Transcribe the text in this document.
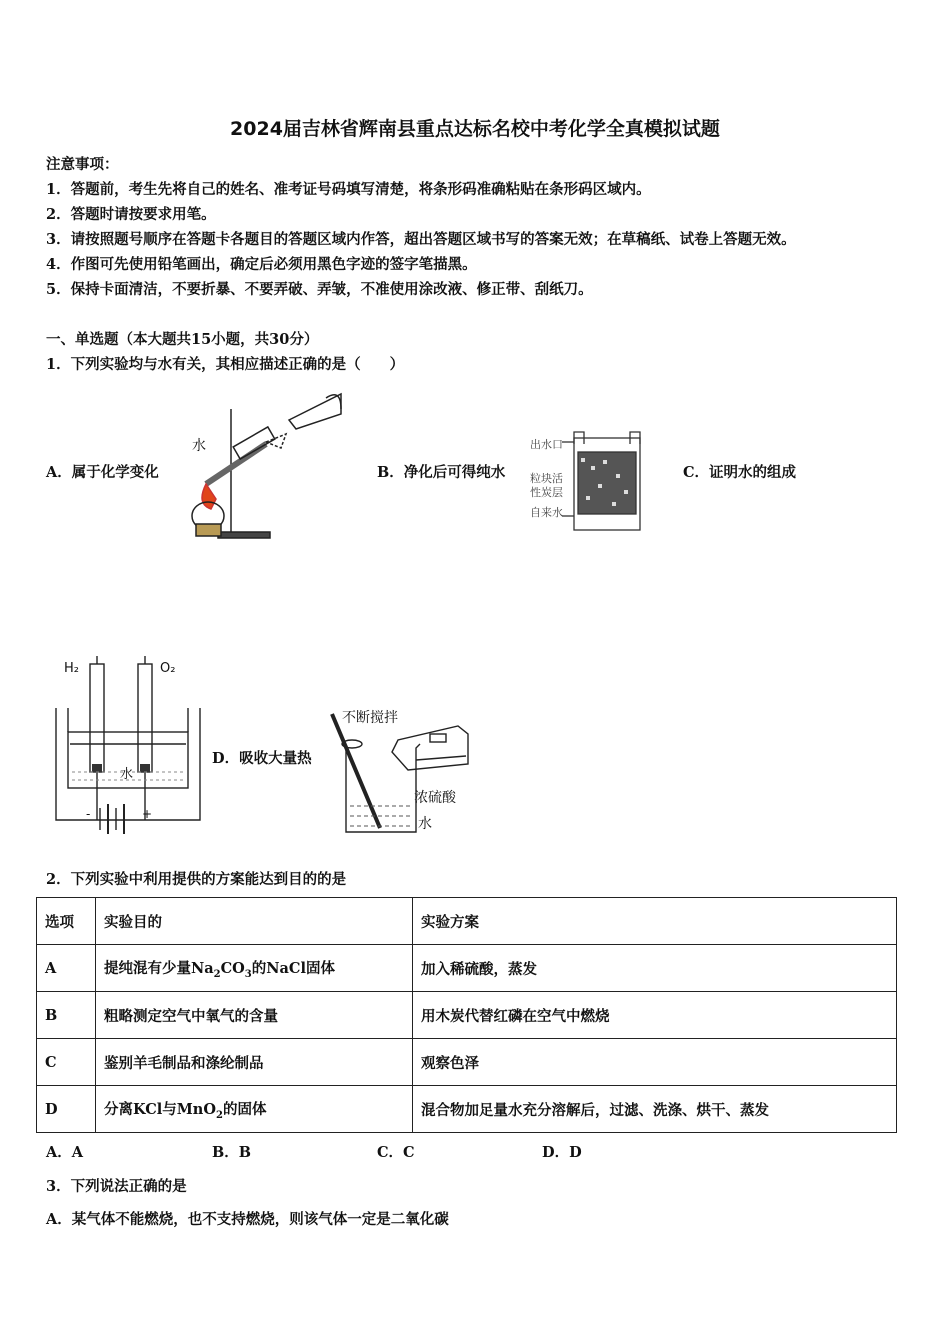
2024届吉林省辉南县重点达标名校中考化学全真模拟试题
注意事项：
1．答题前，考生先将自己的姓名、准考证号码填写清楚，将条形码准确粘贴在条形码区域内。
2．答题时请按要求用笔。
3．请按照题号顺序在答题卡各题目的答题区域内作答，超出答题区域书写的答案无效；在草稿纸、试卷上答题无效。
4．作图可先使用铅笔画出，确定后必须用黑色字迹的签字笔描黑。
5．保持卡面清洁，不要折暴、不要弄破、弄皱，不准使用涂改液、修正带、刮纸刀。
一、单选题（本大题共15小题，共30分）
1．下列实验均与水有关，其相应描述正确的是（　　）
A．属于化学变化	B．净化后可得纯水	C．证明水的组成
D．吸收大量热
水	出水口
粒块活
性炭层
自来水
H₂	O₂
水
-	+
不断搅拌
浓硫酸
水
2．下列实验中利用提供的方案能达到目的的是
选项	实验目的	实验方案
A	提纯混有少量$Na_2CO_3$的NaCl固体	加入稀硫酸，蒸发
B	粗略测定空气中氧气的含量	用木炭代替红磷在空气中燃烧
C	鉴别羊毛制品和涤纶制品	观察色泽
D	分离KCl与MnO$_2$的固体	混合物加足量水充分溶解后，过滤、洗涤、烘干、蒸发
A．A	B．B	C．C	D．D
3．下列说法正确的是
A．某气体不能燃烧，也不支持燃烧，则该气体一定是二氧化碳
